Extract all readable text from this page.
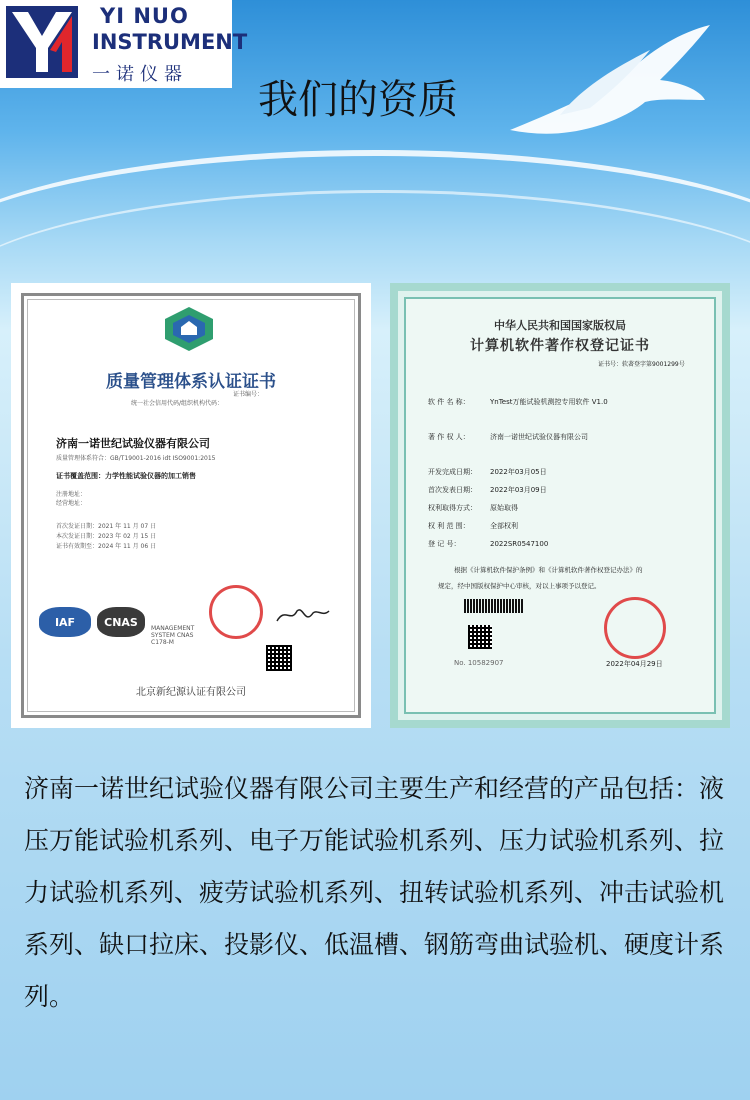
YI NUO
INSTRUMENT
一诺仪器
我们的资质
质量管理体系认证证书
证书编号：
统一社会信用代码/组织机构代码：
济南一诺世纪试验仪器有限公司
质量管理体系符合：GB/T19001-2016 idt ISO9001:2015
证书覆盖范围：力学性能试验仪器的加工销售
注册地址：
经营地址：
首次发证日期：2021 年 11 月 07 日
本次发证日期：2023 年 02 月 15 日
证书有效期至：2024 年 11 月 06 日
IAF	CNAS	MANAGEMENT SYSTEM CNAS C178-M
北京新纪源认证有限公司
中华人民共和国国家版权局
计算机软件著作权登记证书
证书号：软著登字第9001299号
软 件 名 称：	YnTest万能试验机测控专用软件 V1.0
著 作 权 人：	济南一诺世纪试验仪器有限公司
开发完成日期： 2022年03月05日
首次发表日期： 2022年03月09日
权利取得方式： 原始取得
权 利 范 围：	全部权利
登 记 号：	2022SR0547100
根据《计算机软件保护条例》和《计算机软件著作权登记办法》的
规定，经中国版权保护中心审核，对以上事项予以登记。
No. 10582907	2022年04月29日
济南一诺世纪试验仪器有限公司主要生产和经营的产品包括：液压万能试验机系列、电子万能试验机系列、压力试验机系列、拉力试验机系列、疲劳试验机系列、扭转试验机系列、冲击试验机系列、缺口拉床、投影仪、低温槽、钢筋弯曲试验机、硬度计系列。
